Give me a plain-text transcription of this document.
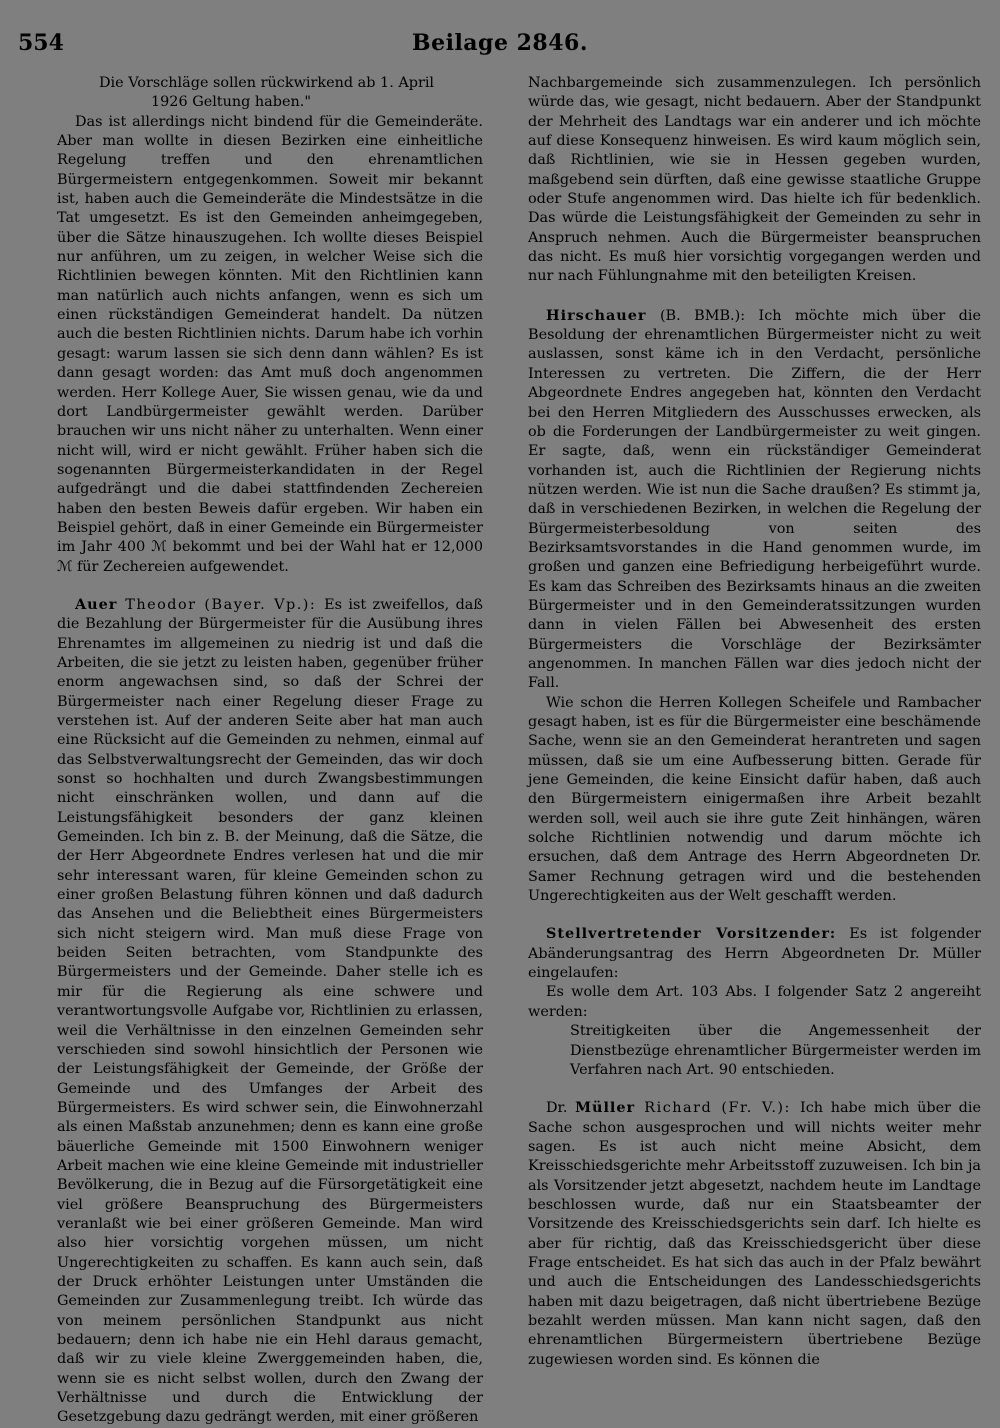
554	Beilage 2846.

Die Vorschläge sollen rückwirkend ab 1. April

1926 Geltung haben."

Das ist allerdings nicht bindend für die Gemeinderäte. Aber man wollte in diesen Bezirken eine einheitliche Regelung treffen und den ehrenamtlichen Bürgermeistern entgegenkommen. Soweit mir bekannt ist, haben auch die Gemeinderäte die Mindestsätze in die Tat umgesetzt. Es ist den Gemeinden anheimgegeben, über die Sätze hinauszugehen. Ich wollte dieses Beispiel nur anführen, um zu zeigen, in welcher Weise sich die Richtlinien bewegen könnten. Mit den Richtlinien kann man natürlich auch nichts anfangen, wenn es sich um einen rückständigen Gemeinderat handelt. Da nützen auch die besten Richtlinien nichts. Darum habe ich vorhin gesagt: warum lassen sie sich denn dann wählen? Es ist dann gesagt worden: das Amt muß doch angenommen werden. Herr Kollege Auer, Sie wissen genau, wie da und dort Landbürgermeister gewählt werden. Darüber brauchen wir uns nicht näher zu unterhalten. Wenn einer nicht will, wird er nicht gewählt. Früher haben sich die sogenannten Bürgermeisterkandidaten in der Regel aufgedrängt und die dabei stattfindenden Zechereien haben den besten Beweis dafür ergeben. Wir haben ein Beispiel gehört, daß in einer Gemeinde ein Bürgermeister im Jahr 400 ℳ bekommt und bei der Wahl hat er 12,000 ℳ für Zechereien aufgewendet.

Auer Theodor (Bayer. Vp.): Es ist zweifellos, daß die Bezahlung der Bürgermeister für die Ausübung ihres Ehrenamtes im allgemeinen zu niedrig ist und daß die Arbeiten, die sie jetzt zu leisten haben, gegenüber früher enorm angewachsen sind, so daß der Schrei der Bürgermeister nach einer Regelung dieser Frage zu verstehen ist. Auf der anderen Seite aber hat man auch eine Rücksicht auf die Gemeinden zu nehmen, einmal auf das Selbstverwaltungsrecht der Gemeinden, das wir doch sonst so hochhalten und durch Zwangsbestimmungen nicht einschränken wollen, und dann auf die Leistungsfähigkeit besonders der ganz kleinen Gemeinden. Ich bin z. B. der Meinung, daß die Sätze, die der Herr Abgeordnete Endres verlesen hat und die mir sehr interessant waren, für kleine Gemeinden schon zu einer großen Belastung führen können und daß dadurch das Ansehen und die Beliebtheit eines Bürgermeisters sich nicht steigern wird. Man muß diese Frage von beiden Seiten betrachten, vom Standpunkte des Bürgermeisters und der Gemeinde. Daher stelle ich es mir für die Regierung als eine schwere und verantwortungsvolle Aufgabe vor, Richtlinien zu erlassen, weil die Verhältnisse in den einzelnen Gemeinden sehr verschieden sind sowohl hinsichtlich der Personen wie der Leistungsfähigkeit der Gemeinde, der Größe der Gemeinde und des Umfanges der Arbeit des Bürgermeisters. Es wird schwer sein, die Einwohnerzahl als einen Maßstab anzunehmen; denn es kann eine große bäuerliche Gemeinde mit 1500 Einwohnern weniger Arbeit machen wie eine kleine Gemeinde mit industrieller Bevölkerung, die in Bezug auf die Fürsorgetätigkeit eine viel größere Beanspruchung des Bürgermeisters veranlaßt wie bei einer größeren Gemeinde. Man wird also hier vorsichtig vorgehen müssen, um nicht Ungerechtigkeiten zu schaffen. Es kann auch sein, daß der Druck erhöhter Leistungen unter Umständen die Gemeinden zur Zusammenlegung treibt. Ich würde das von meinem persönlichen Standpunkt aus nicht bedauern; denn ich habe nie ein Hehl daraus gemacht, daß wir zu viele kleine Zwerggemeinden haben, die, wenn sie es nicht selbst wollen, durch den Zwang der Verhältnisse und durch die Entwicklung der Gesetzgebung dazu gedrängt werden, mit einer größeren

Nachbargemeinde sich zusammenzulegen. Ich persönlich würde das, wie gesagt, nicht bedauern. Aber der Standpunkt der Mehrheit des Landtags war ein anderer und ich möchte auf diese Konsequenz hinweisen. Es wird kaum möglich sein, daß Richtlinien, wie sie in Hessen gegeben wurden, maßgebend sein dürften, daß eine gewisse staatliche Gruppe oder Stufe angenommen wird. Das hielte ich für bedenklich. Das würde die Leistungsfähigkeit der Gemeinden zu sehr in Anspruch nehmen. Auch die Bürgermeister beanspruchen das nicht. Es muß hier vorsichtig vorgegangen werden und nur nach Fühlungnahme mit den beteiligten Kreisen.

Hirschauer (B. BMB.): Ich möchte mich über die Besoldung der ehrenamtlichen Bürgermeister nicht zu weit auslassen, sonst käme ich in den Verdacht, persönliche Interessen zu vertreten. Die Ziffern, die der Herr Abgeordnete Endres angegeben hat, könnten den Verdacht bei den Herren Mitgliedern des Ausschusses erwecken, als ob die Forderungen der Landbürgermeister zu weit gingen. Er sagte, daß, wenn ein rückständiger Gemeinderat vorhanden ist, auch die Richtlinien der Regierung nichts nützen werden. Wie ist nun die Sache draußen? Es stimmt ja, daß in verschiedenen Bezirken, in welchen die Regelung der Bürgermeisterbesoldung von seiten des Bezirksamtsvorstandes in die Hand genommen wurde, im großen und ganzen eine Befriedigung herbeigeführt wurde. Es kam das Schreiben des Bezirksamts hinaus an die zweiten Bürgermeister und in den Gemeinderatssitzungen wurden dann in vielen Fällen bei Abwesenheit des ersten Bürgermeisters die Vorschläge der Bezirksämter angenommen. In manchen Fällen war dies jedoch nicht der Fall.

Wie schon die Herren Kollegen Scheifele und Rambacher gesagt haben, ist es für die Bürgermeister eine beschämende Sache, wenn sie an den Gemeinderat herantreten und sagen müssen, daß sie um eine Aufbesserung bitten. Gerade für jene Gemeinden, die keine Einsicht dafür haben, daß auch den Bürgermeistern einigermaßen ihre Arbeit bezahlt werden soll, weil auch sie ihre gute Zeit hinhängen, wären solche Richtlinien notwendig und darum möchte ich ersuchen, daß dem Antrage des Herrn Abgeordneten Dr. Samer Rechnung getragen wird und die bestehenden Ungerechtigkeiten aus der Welt geschafft werden.

Stellvertretender Vorsitzender: Es ist folgender Abänderungsantrag des Herrn Abgeordneten Dr. Müller eingelaufen:

Es wolle dem Art. 103 Abs. I folgender Satz 2 angereiht werden:

Streitigkeiten über die Angemessenheit der Dienstbezüge ehrenamtlicher Bürgermeister werden im Verfahren nach Art. 90 entschieden.

Dr. Müller Richard (Fr. V.): Ich habe mich über die Sache schon ausgesprochen und will nichts weiter mehr sagen. Es ist auch nicht meine Absicht, dem Kreisschiedsgerichte mehr Arbeitsstoff zuzuweisen. Ich bin ja als Vorsitzender jetzt abgesetzt, nachdem heute im Landtage beschlossen wurde, daß nur ein Staatsbeamter der Vorsitzende des Kreisschiedsgerichts sein darf. Ich hielte es aber für richtig, daß das Kreisschiedsgericht über diese Frage entscheidet. Es hat sich das auch in der Pfalz bewährt und auch die Entscheidungen des Landesschiedsgerichts haben mit dazu beigetragen, daß nicht übertriebene Bezüge bezahlt werden müssen. Man kann nicht sagen, daß den ehrenamtlichen Bürgermeistern übertriebene Bezüge zugewiesen worden sind. Es können die
